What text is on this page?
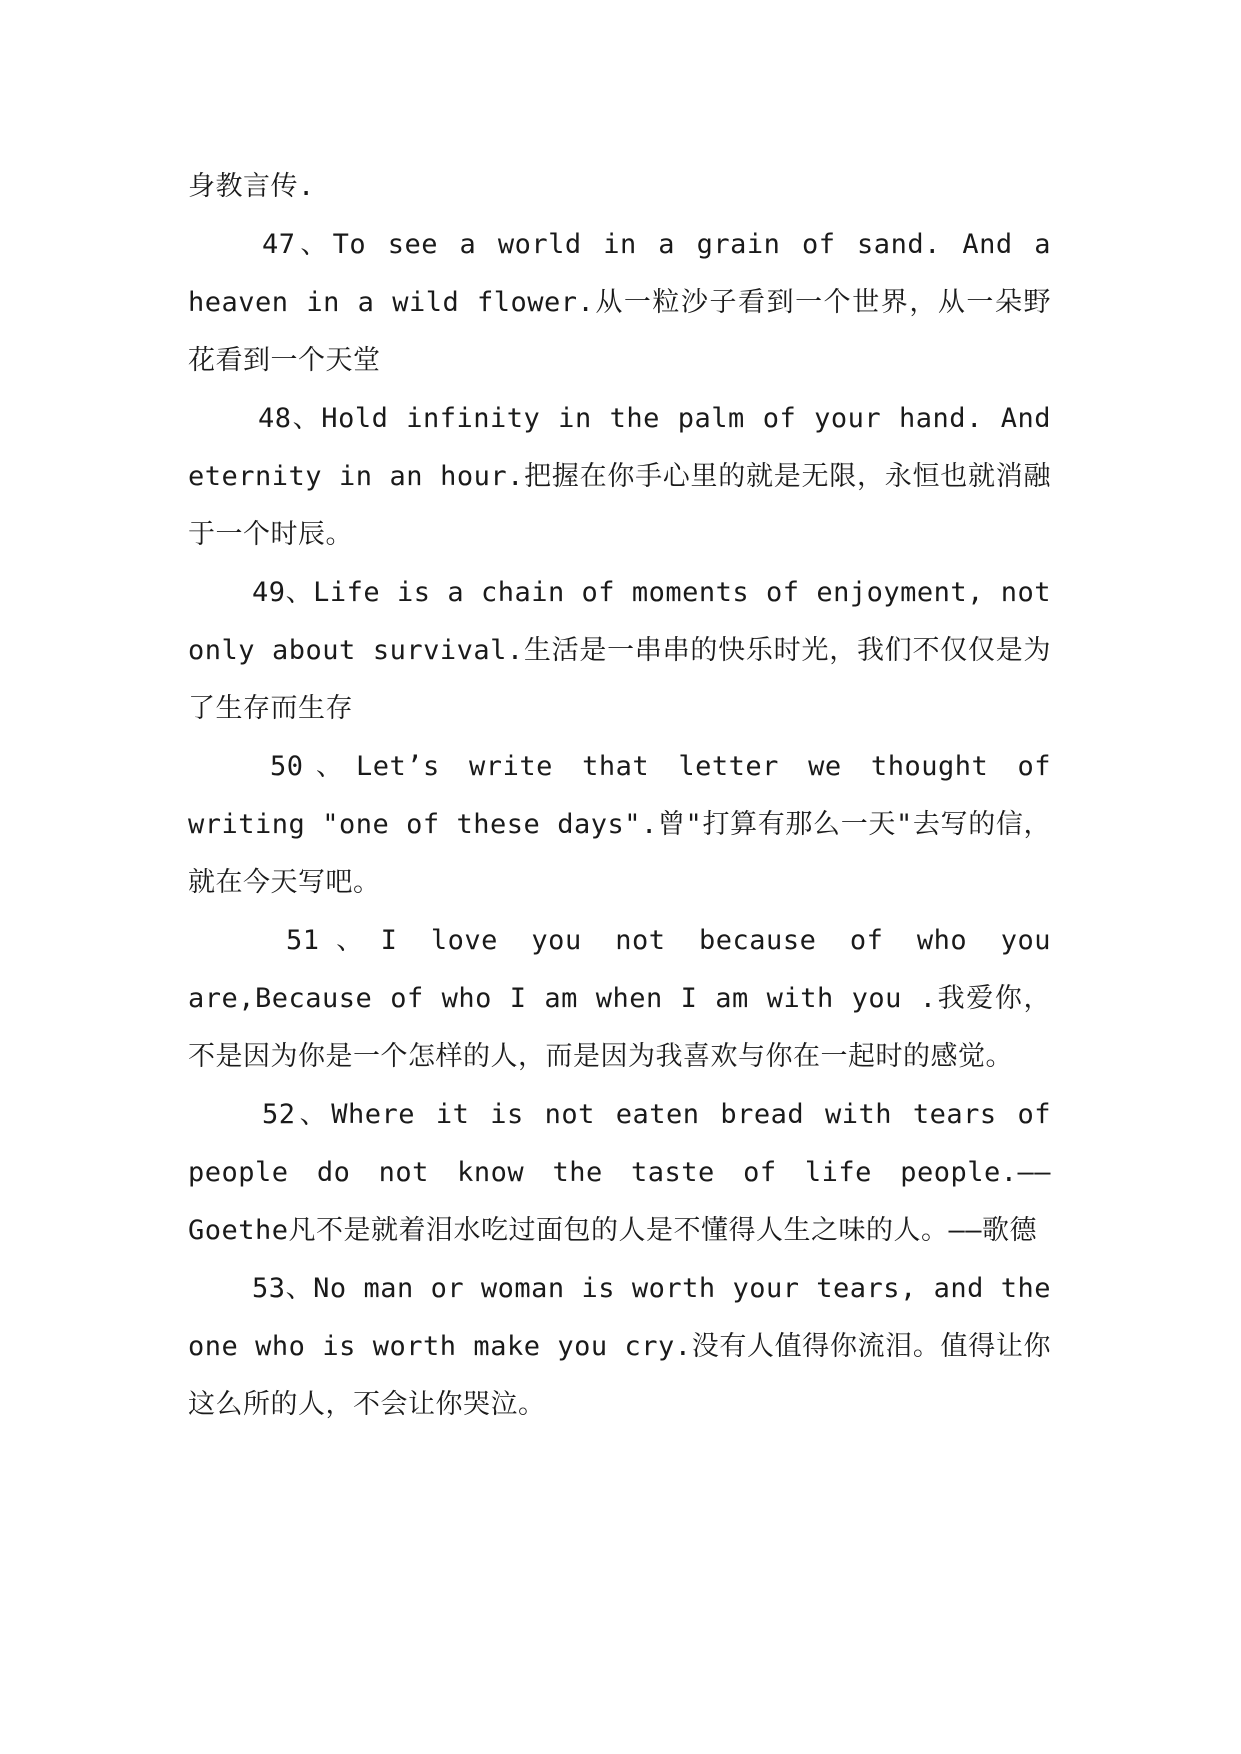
身教言传.

47、To see a world in a grain of sand. And a heaven in a wild flower.从一粒沙子看到一个世界，从一朵野花看到一个天堂

48、Hold infinity in the palm of your hand. And eternity in an hour.把握在你手心里的就是无限，永恒也就消融于一个时辰。

49、Life is a chain of moments of enjoyment, not only about survival.生活是一串串的快乐时光，我们不仅仅是为了生存而生存

50、Let’s write that letter we thought of writing "one of these days".曾"打算有那么一天"去写的信，就在今天写吧。

51、I love you not because of who you are,Because of who I am when I am with you .我爱你，不是因为你是一个怎样的人，而是因为我喜欢与你在一起时的感觉。

52、Where it is not eaten bread with tears of people do not know the taste of life people.——Goethe凡不是就着泪水吃过面包的人是不懂得人生之味的人。——歌德

53、No man or woman is worth your tears, and the one who is worth make you cry.没有人值得你流泪。值得让你这么所的人，不会让你哭泣。
